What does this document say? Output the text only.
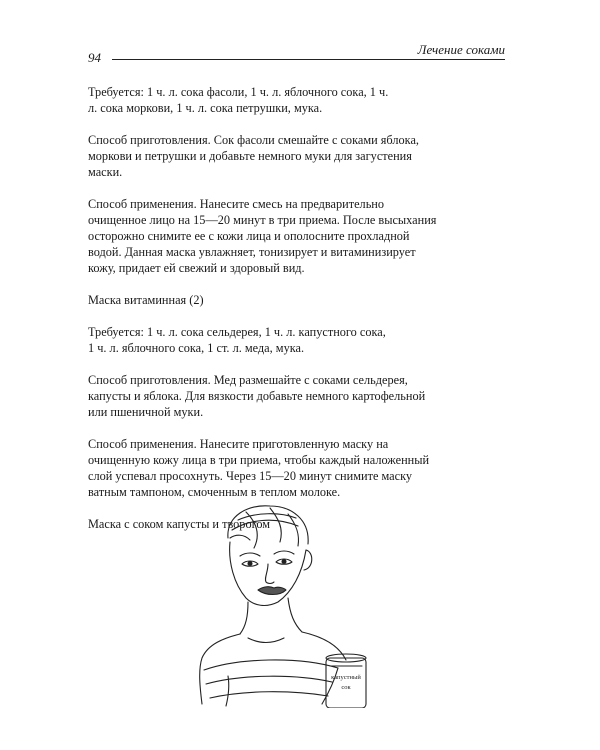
94
Лечение соками

Требуется: 1 ч. л. сока фасоли, 1 ч. л. яблочного сока, 1 ч.
л. сока моркови, 1 ч. л. сока петрушки, мука.

Способ приготовления. Сок фасоли смешайте с соками яблока,
моркови и петрушки и добавьте немного муки для загустения
маски.

Способ применения. Нанесите смесь на предварительно
очищенное лицо на 15—20 минут в три приема. После высыхания
осторожно снимите ее с кожи лица и ополосните прохладной
водой. Данная маска увлажняет, тонизирует и витаминизирует
кожу, придает ей свежий и здоровый вид.

Маска витаминная (2)

Требуется: 1 ч. л. сока сельдерея, 1 ч. л. капустного сока,
1 ч. л. яблочного сока, 1 ст. л. меда, мука.

Способ приготовления. Мед размешайте с соками сельдерея,
капусты и яблока. Для вязкости добавьте немного картофельной
или пшеничной муки.

Способ применения. Нанесите приготовленную маску на
очищенную кожу лица в три приема, чтобы каждый наложенный
слой успевал просохнуть. Через 15—20 минут снимите маску
ватным тампоном, смоченным в теплом молоке.

Маска с соком капусты и творогом

капустный
сок
